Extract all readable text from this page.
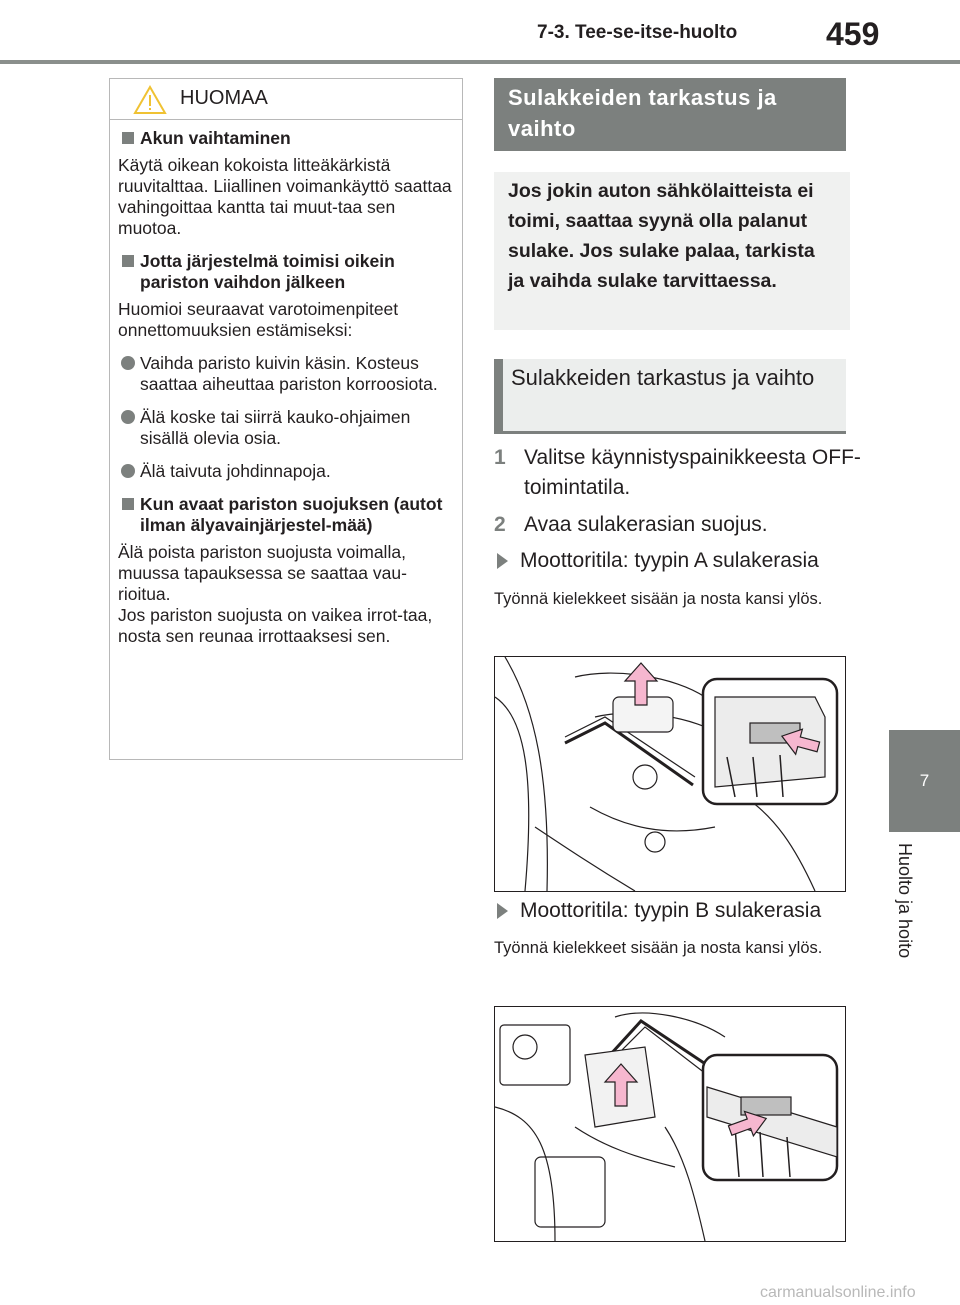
7-3. Tee-se-itse-huolto	459
7
Huolto ja hoito
HUOMAA
Akun vaihtaminen
Käytä oikean kokoista litteäkärkistä ruuvitalttaa. Liiallinen voimankäyttö saattaa vahingoittaa kantta tai muut-taa sen muotoa.
Jotta järjestelmä toimisi oikein pariston vaihdon jälkeen
Huomioi seuraavat varotoimenpiteet onnettomuuksien estämiseksi:
Vaihda paristo kuivin käsin. Kosteus saattaa aiheuttaa pariston korroosiota.
Älä koske tai siirrä kauko-ohjaimen sisällä olevia osia.
Älä taivuta johdinnapoja.
Kun avaat pariston suojuksen (autot ilman älyavainjärjestel-mää)
Älä poista pariston suojusta voimalla, muussa tapauksessa se saattaa vau-rioitua.
Jos pariston suojusta on vaikea irrot-taa, nosta sen reunaa irrottaaksesi sen.
Sulakkeiden tarkastus ja vaihto
Jos jokin auton sähkölaitteista ei toimi, saattaa syynä olla palanut sulake. Jos sulake palaa, tarkista ja vaihda sulake tarvittaessa.
Sulakkeiden tarkastus ja vaihto
1 Valitse käynnistyspainikkeesta OFF-toimintatila.
2 Avaa sulakerasian suojus.
Moottoritila: tyypin A sulakerasia
Työnnä kielekkeet sisään ja nosta kansi ylös.
Moottoritila: tyypin B sulakerasia
Työnnä kielekkeet sisään ja nosta kansi ylös.
carmanualsonline.info
